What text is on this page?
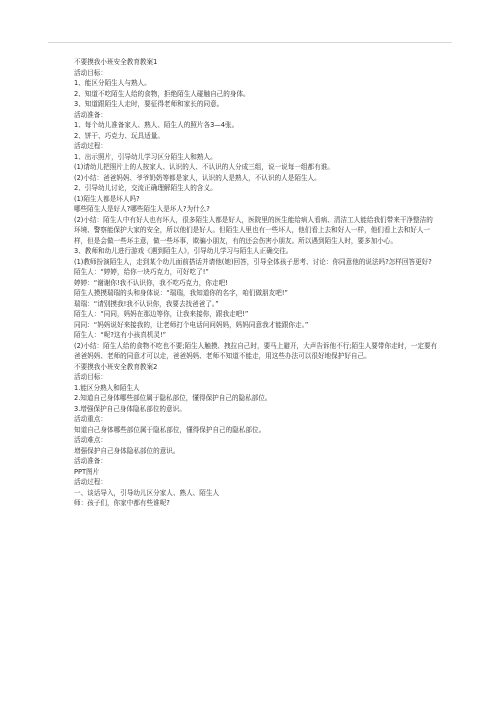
不要摸我小班安全教育教案1
活动目标：
1、能区分陌生人与熟人。
2、知道不吃陌生人给的食物，拒绝陌生人碰触自己的身体。
3、知道跟陌生人走时，要征得老师和家长的同意。
活动准备：
1、每个幼儿准备家人、熟人、陌生人的照片各3—4张。
2、饼干、巧克力、玩具适量。
活动过程：
1、出示照片，引导幼儿学习区分陌生人和熟人。
(1)请幼儿把照片上的人按家人、认识的人、不认识的人分成三组，说一说每一组都有谁。
(2)小结：爸爸妈妈、爷爷奶奶等都是家人，认识的人是熟人，不认识的人是陌生人。
2、引导幼儿讨论，交流正确理解陌生人的含义。
(1)陌生人都是坏人吗?
哪些陌生人是好人?哪些陌生人是坏人?为什么?
(2)小结：陌生人中有好人也有坏人，很多陌生人都是好人，医院里的医生能给病人看病、清洁工人能给我们带来干净整洁的环境、警察能保护大家的安全，所以他们是好人。但陌生人里也有一些坏人，他们看上去和好人一样，他们看上去和好人一样，但是会做一些坏主意，做一些坏事，欺骗小朋友，有的还会伤害小朋友。所以遇到陌生人时，要多加小心。
3、教师和幼儿进行游戏《遇到陌生人》，引导幼儿学习与陌生人正确交往。
(1)教师扮演陌生人，走到某个幼儿面前搭话并请他(她)回答，引导全体孩子思考、讨论：你同意他的说法吗?怎样回答更好?
陌生人：“婷婷，给你一块巧克力，可好吃了!”
婷婷：“谢谢你!我不认识你，我不吃巧克力，你走吧!
陌生人摸摸瑞瑞的头和身体说：“瑞瑞，我知道你的名字，咱们做朋友吧!”
瑞瑞：“请别摸我!我不认识你，我要去找爸爸了。”
陌生人：“同同，妈妈在那边等你，让我来接你，跟我走吧!”
同同：“妈妈说好来接我的，让老师打个电话问问妈妈，妈妈同意我才能跟你走。”
陌生人：“呢?这有小孩真机灵!”
(2)小结：陌生人给的食物不吃也不要;陌生人触摸、拽拉自己时，要马上避开，大声告诉他不行;陌生人要带你走时，一定要有爸爸妈妈、老师的同意才可以走，爸爸妈妈、老师不知道不能走，用这些办法可以很好地保护好自己。
不要摸我小班安全教育教案2
活动目标：
1.能区分熟人和陌生人
2.知道自己身体哪些部位属于隐私部位，懂得保护自己的隐私部位。
3.增强保护自己身体隐私部位的意识。
活动重点：
知道自己身体哪些部位属于隐私部位，懂得保护自己的隐私部位。
活动难点：
增强保护自己身体隐私部位的意识。
活动准备：
PPT图片
活动过程：
一、谈话导入，引导幼儿区分家人、熟人、陌生人
师：孩子们，你家中都有些谁呢?
